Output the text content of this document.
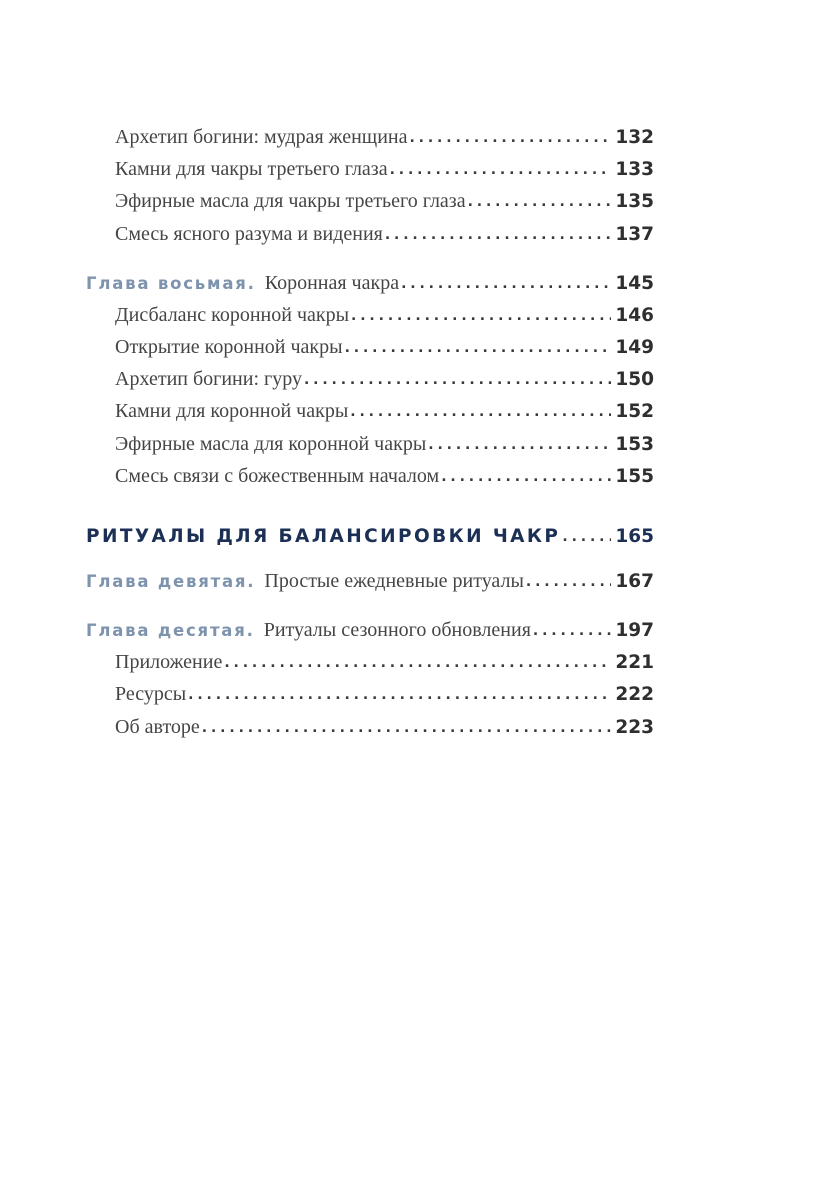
Архетип богини: мудрая женщина . . .	132
Камни для чакры третьего глаза . . .	133
Эфирные масла для чакры третьего глаза . . .	135
Смесь ясного разума и видения . . .	137
Глава восьмая. Коронная чакра . . .	145
Дисбаланс коронной чакры . . .	146
Открытие коронной чакры . . .	149
Архетип богини: гуру . . .	150
Камни для коронной чакры . . .	152
Эфирные масла для коронной чакры . . .	153
Смесь связи с божественным началом . . .	155
РИТУАЛЫ ДЛЯ БАЛАНСИРОВКИ ЧАКР . . .	165
Глава девятая. Простые ежедневные ритуалы . . .	167
Глава десятая. Ритуалы сезонного обновления . . .	197
Приложение . . .	221
Ресурсы . . .	222
Об авторе . . .	223
